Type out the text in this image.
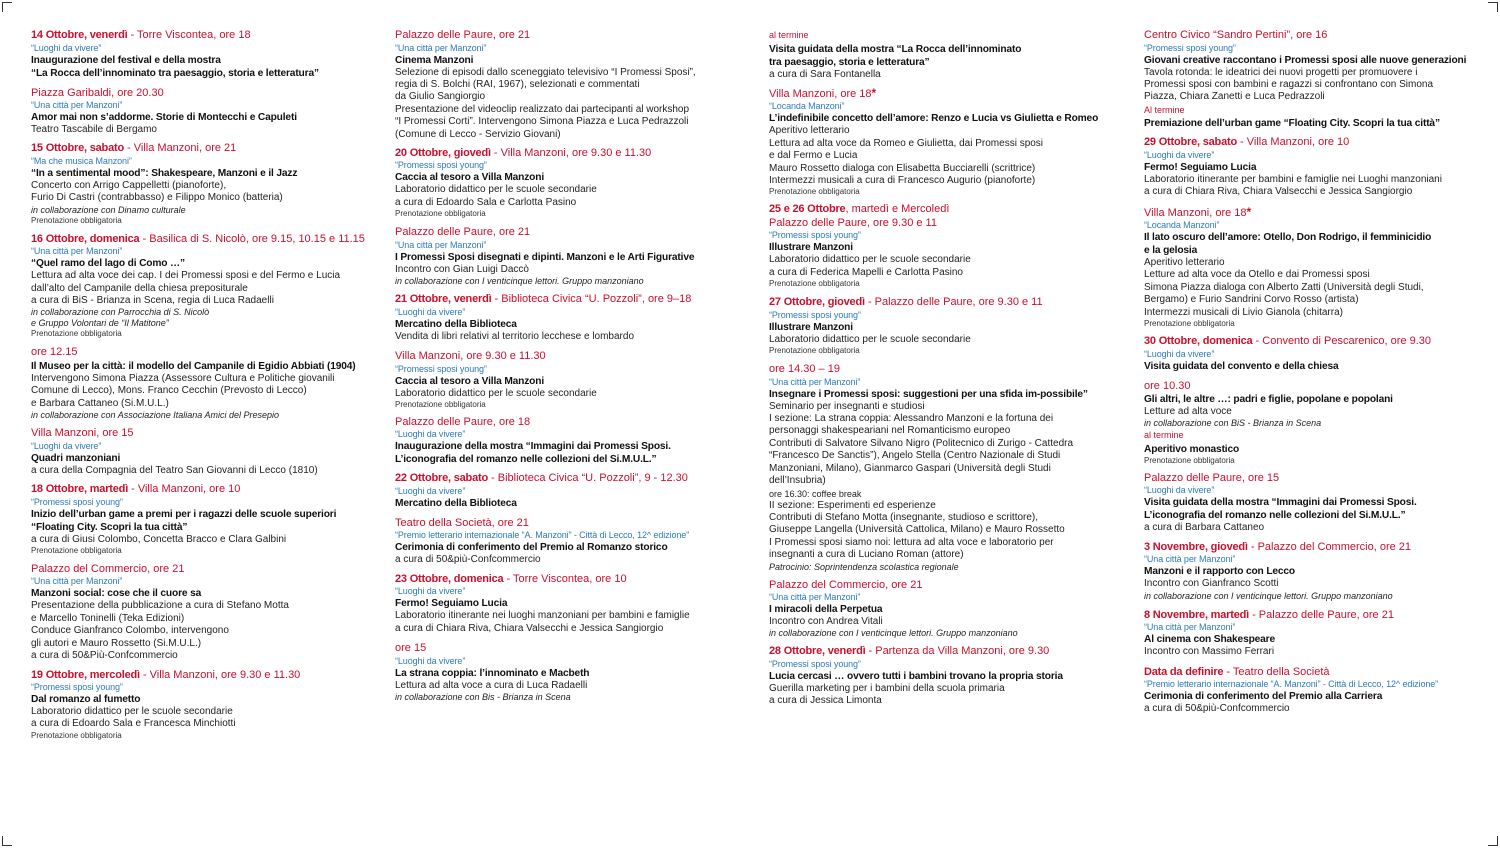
14 Ottobre, venerdì - Torre Viscontea, ore 18
“Luoghi da vivere”
Inaugurazione del festival e della mostra
“La Rocca dell’innominato tra paesaggio, storia e letteratura”
Piazza Garibaldi, ore 20.30
“Una città per Manzoni”
Amor mai non s’addorme. Storie di Montecchi e Capuleti
Teatro Tascabile di Bergamo
15 Ottobre, sabato - Villa Manzoni, ore 21
“Ma che musica Manzoni”
“In a sentimental mood”: Shakespeare, Manzoni e il Jazz
Concerto con Arrigo Cappelletti (pianoforte),
Furio Di Castri (contrabbasso) e Filippo Monico (batteria)
in collaborazione con Dinamo culturale
Prenotazione obbligatoria
16 Ottobre, domenica - Basilica di S. Nicolò, ore 9.15, 10.15 e 11.15
“Una città per Manzoni”
“Quel ramo del lago di Como …”
Lettura ad alta voce dei cap. I dei Promessi sposi e del Fermo e Lucia
dall’alto del Campanile della chiesa prepositurale
a cura di BiS - Brianza in Scena, regia di Luca Radaelli
in collaborazione con Parrocchia di S. Nicolò
e Gruppo Volontari de “Il Matitone”
Prenotazione obbligatoria
ore 12.15
Il Museo per la città: il modello del Campanile di Egidio Abbiati (1904)
Intervengono Simona Piazza (Assessore Cultura e Politiche giovanili
Comune di Lecco), Mons. Franco Cecchin (Prevosto di Lecco)
e Barbara Cattaneo (Si.M.U.L.)
in collaborazione con Associazione Italiana Amici del Presepio
Villa Manzoni, ore 15
“Luoghi da vivere”
Quadri manzoniani
a cura della Compagnia del Teatro San Giovanni di Lecco (1810)
18 Ottobre, martedì - Villa Manzoni, ore 10
“Promessi sposi young”
Inizio dell’urban game a premi per i ragazzi delle scuole superiori
“Floating City. Scopri la tua città”
a cura di Giusi Colombo, Concetta Bracco e Clara Galbini
Prenotazione obbligatoria
Palazzo del Commercio, ore 21
“Una città per Manzoni”
Manzoni social: cose che il cuore sa
Presentazione della pubblicazione a cura di Stefano Motta
e Marcello Toninelli (Teka Edizioni)
Conduce Gianfranco Colombo, intervengono
gli autori e Mauro Rossetto (Si.M.U.L.)
a cura di 50&Più-Confcommercio
19 Ottobre, mercoledì - Villa Manzoni, ore 9.30 e 11.30
“Promessi sposi young”
Dal romanzo al fumetto
Laboratorio didattico per le scuole secondarie
a cura di Edoardo Sala e Francesca Minchiotti
Prenotazione obbligatoria
Palazzo delle Paure, ore 21
“Una città per Manzoni”
Cinema Manzoni
Selezione di episodi dallo sceneggiato televisivo “I Promessi Sposi”,
regia di S. Bolchi (RAI, 1967), selezionati e commentati
da Giulio Sangiorgio
Presentazione del videoclip realizzato dai partecipanti al workshop
“I Promessi Corti”. Intervengono Simona Piazza e Luca Pedrazzoli
(Comune di Lecco - Servizio Giovani)
20 Ottobre, giovedì - Villa Manzoni, ore 9.30 e 11.30
“Promessi sposi young”
Caccia al tesoro a Villa Manzoni
Laboratorio didattico per le scuole secondarie
a cura di Edoardo Sala e Carlotta Pasino
Prenotazione obbligatoria
Palazzo delle Paure, ore 21
“Una città per Manzoni”
I Promessi Sposi disegnati e dipinti. Manzoni e le Arti Figurative
Incontro con Gian Luigi Daccò
in collaborazione con I venticinque lettori. Gruppo manzoniano
21 Ottobre, venerdì - Biblioteca Civica “U. Pozzoli”, ore 9–18
“Luoghi da vivere”
Mercatino della Biblioteca
Vendita di libri relativi al territorio lecchese e lombardo
Villa Manzoni, ore 9.30 e 11.30
“Promessi sposi young”
Caccia al tesoro a Villa Manzoni
Laboratorio didattico per le scuole secondarie
Prenotazione obbligatoria
Palazzo delle Paure, ore 18
“Luoghi da vivere”
Inaugurazione della mostra “Immagini dai Promessi Sposi.
L’iconografia del romanzo nelle collezioni del Si.M.U.L.”
22 Ottobre, sabato - Biblioteca Civica “U. Pozzoli”, 9 - 12.30
“Luoghi da vivere”
Mercatino della Biblioteca
Teatro della Società, ore 21
“Premio letterario internazionale “A. Manzoni” - Città di Lecco, 12^ edizione”
Cerimonia di conferimento del Premio al Romanzo storico
a cura di 50&più-Confcommercio
23 Ottobre, domenica - Torre Viscontea, ore 10
“Luoghi da vivere”
Fermo! Seguiamo Lucia
Laboratorio itinerante nei luoghi manzoniani per bambini e famiglie
a cura di Chiara Riva, Chiara Valsecchi e Jessica Sangiorgio
ore 15
“Luoghi da vivere”
La strana coppia: l’innominato e Macbeth
Lettura ad alta voce a cura di Luca Radaelli
in collaborazione con Bis - Brianza in Scena
al termine
Visita guidata della mostra “La Rocca dell’innominato
tra paesaggio, storia e letteratura”
a cura di Sara Fontanella
Villa Manzoni, ore 18*
“Locanda Manzoni”
L’indefinibile concetto dell’amore: Renzo e Lucia vs Giulietta e Romeo
Aperitivo letterario
Lettura ad alta voce da Romeo e Giulietta, dai Promessi sposi
e dal Fermo e Lucia
Mauro Rossetto dialoga con Elisabetta Bucciarelli (scrittrice)
Intermezzi musicali a cura di Francesco Augurio (pianoforte)
Prenotazione obbligatoria
25 e 26 Ottobre, martedì e Mercoledì
Palazzo delle Paure, ore 9.30 e 11
“Promessi sposi young”
Illustrare Manzoni
Laboratorio didattico per le scuole secondarie
a cura di Federica Mapelli e Carlotta Pasino
Prenotazione obbligatoria
27 Ottobre, giovedì - Palazzo delle Paure, ore 9.30 e 11
“Promessi sposi young”
Illustrare Manzoni
Laboratorio didattico per le scuole secondarie
Prenotazione obbligatoria
ore 14.30 – 19
“Una città per Manzoni”
Insegnare i Promessi sposi: suggestioni per una sfida im-possibile”
Seminario per insegnanti e studiosi
I sezione: La strana coppia: Alessandro Manzoni e la fortuna dei
personaggi shakespeariani nel Romanticismo europeo
Contributi di Salvatore Silvano Nigro (Politecnico di Zurigo - Cattedra
“Francesco De Sanctis”), Angelo Stella (Centro Nazionale di Studi
Manzoniani, Milano), Gianmarco Gaspari (Università degli Studi
dell’Insubria)
ore 16.30: coffee break
II sezione: Esperimenti ed esperienze
Contributi di Stefano Motta (insegnante, studioso e scrittore),
Giuseppe Langella (Università Cattolica, Milano) e Mauro Rossetto
I Promessi sposi siamo noi: lettura ad alta voce e laboratorio per
insegnanti a cura di Luciano Roman (attore)
Patrocinio: Soprintendenza scolastica regionale
Palazzo del Commercio, ore 21
“Una città per Manzoni”
I miracoli della Perpetua
Incontro con Andrea Vitali
in collaborazione con I venticinque lettori. Gruppo manzoniano
28 Ottobre, venerdì - Partenza da Villa Manzoni, ore 9.30
“Promessi sposi young”
Lucia cercasi … ovvero tutti i bambini trovano la propria storia
Guerilla marketing per i bambini della scuola primaria
a cura di Jessica Limonta
Centro Civico “Sandro Pertini”, ore 16
“Promessi sposi young”
Giovani creative raccontano i Promessi sposi alle nuove generazioni
Tavola rotonda: le ideatrici dei nuovi progetti per promuovere i
Promessi sposi con bambini e ragazzi si confrontano con Simona
Piazza, Chiara Zanetti e Luca Pedrazzoli
Al termine
Premiazione dell’urban game “Floating City. Scopri la tua città”
29 Ottobre, sabato - Villa Manzoni, ore 10
“Luoghi da vivere”
Fermo! Seguiamo Lucia
Laboratorio itinerante per bambini e famiglie nei Luoghi manzoniani
a cura di Chiara Riva, Chiara Valsecchi e Jessica Sangiorgio
Villa Manzoni, ore 18*
“Locanda Manzoni”
Il lato oscuro dell’amore: Otello, Don Rodrigo, il femminicidio
e la gelosia
Aperitivo letterario
Letture ad alta voce da Otello e dai Promessi sposi
Simona Piazza dialoga con Alberto Zatti (Università degli Studi,
Bergamo) e Furio Sandrini Corvo Rosso (artista)
Intermezzi musicali di Livio Gianola (chitarra)
Prenotazione obbligatoria
30 Ottobre, domenica - Convento di Pescarenico, ore 9.30
“Luoghi da vivere”
Visita guidata del convento e della chiesa
ore 10.30
Gli altri, le altre …: padri e figlie, popolane e popolani
Letture ad alta voce
in collaborazione con BiS - Brianza in Scena
al termine
Aperitivo monastico
Prenotazione obbligatoria
Palazzo delle Paure, ore 15
“Luoghi da vivere”
Visita guidata della mostra “Immagini dai Promessi Sposi.
L’iconografia del romanzo nelle collezioni del Si.M.U.L.”
a cura di Barbara Cattaneo
3 Novembre, giovedì - Palazzo del Commercio, ore 21
“Una città per Manzoni”
Manzoni e il rapporto con Lecco
Incontro con Gianfranco Scotti
in collaborazione con I venticinque lettori. Gruppo manzoniano
8 Novembre, martedì - Palazzo delle Paure, ore 21
“Una città per Manzoni”
Al cinema con Shakespeare
Incontro con Massimo Ferrari
Data da definire - Teatro della Società
“Premio letterario internazionale “A. Manzoni” - Città di Lecco, 12^ edizione”
Cerimonia di conferimento del Premio alla Carriera
a cura di 50&più-Confcommercio
